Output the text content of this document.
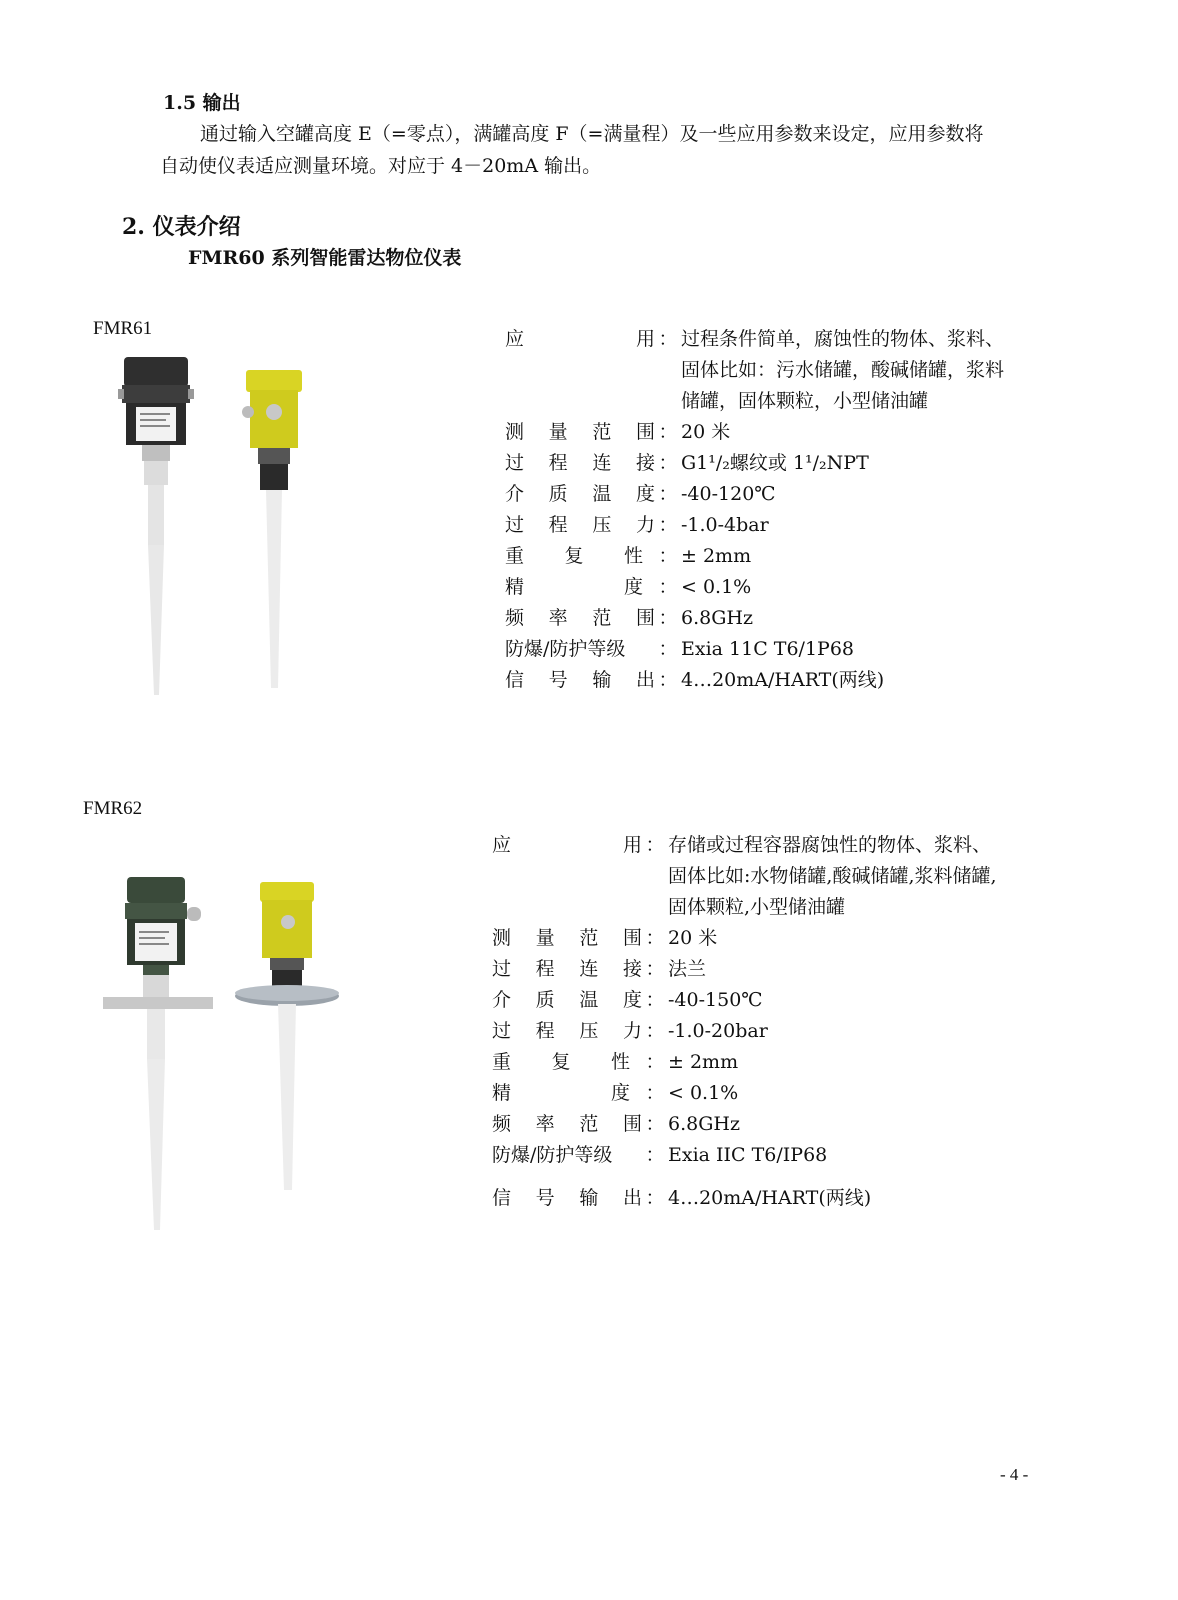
1.5 输出
通过输入空罐高度 E（=零点），满罐高度 F（=满量程）及一些应用参数来设定，应用参数将
自动使仪表适应测量环境。对应于 4－20mA 输出。
2. 仪表介绍
FMR60 系列智能雷达物位仪表
FMR61	应	用 ： 过程条件简单，腐蚀性的物体、浆料、
固体比如：污水储罐，酸碱储罐，浆料
储罐，固体颗粒，小型储油罐
测 量 范 围 ： 20 米
过 程 连 接 ： G1¹/₂螺纹或 1¹/₂NPT
介 质 温 度 ： -40-120℃
过 程 压 力 ： -1.0-4bar
重 复 性 ： ± 2mm
精	度 ： < 0.1%
频 率 范 围 ： 6.8GHz
防爆/防护等级	： Exia 11C T6/1P68
信 号 输 出 ： 4…20mA/HART(两线)
FMR62
应	用 ： 存储或过程容器腐蚀性的物体、浆料、
固体比如:水物储罐,酸碱储罐,浆料储罐,
固体颗粒,小型储油罐
测 量 范 围 ： 20 米
过 程 连 接 ： 法兰
介 质 温 度 ： -40-150℃
过 程 压 力 ： -1.0-20bar
重 复 性 ： ± 2mm
精	度 ： < 0.1%
频 率 范 围 ： 6.8GHz
防爆/防护等级	： Exia IIC T6/IP68
信 号 输 出 ： 4…20mA/HART(两线)
- 4 -
